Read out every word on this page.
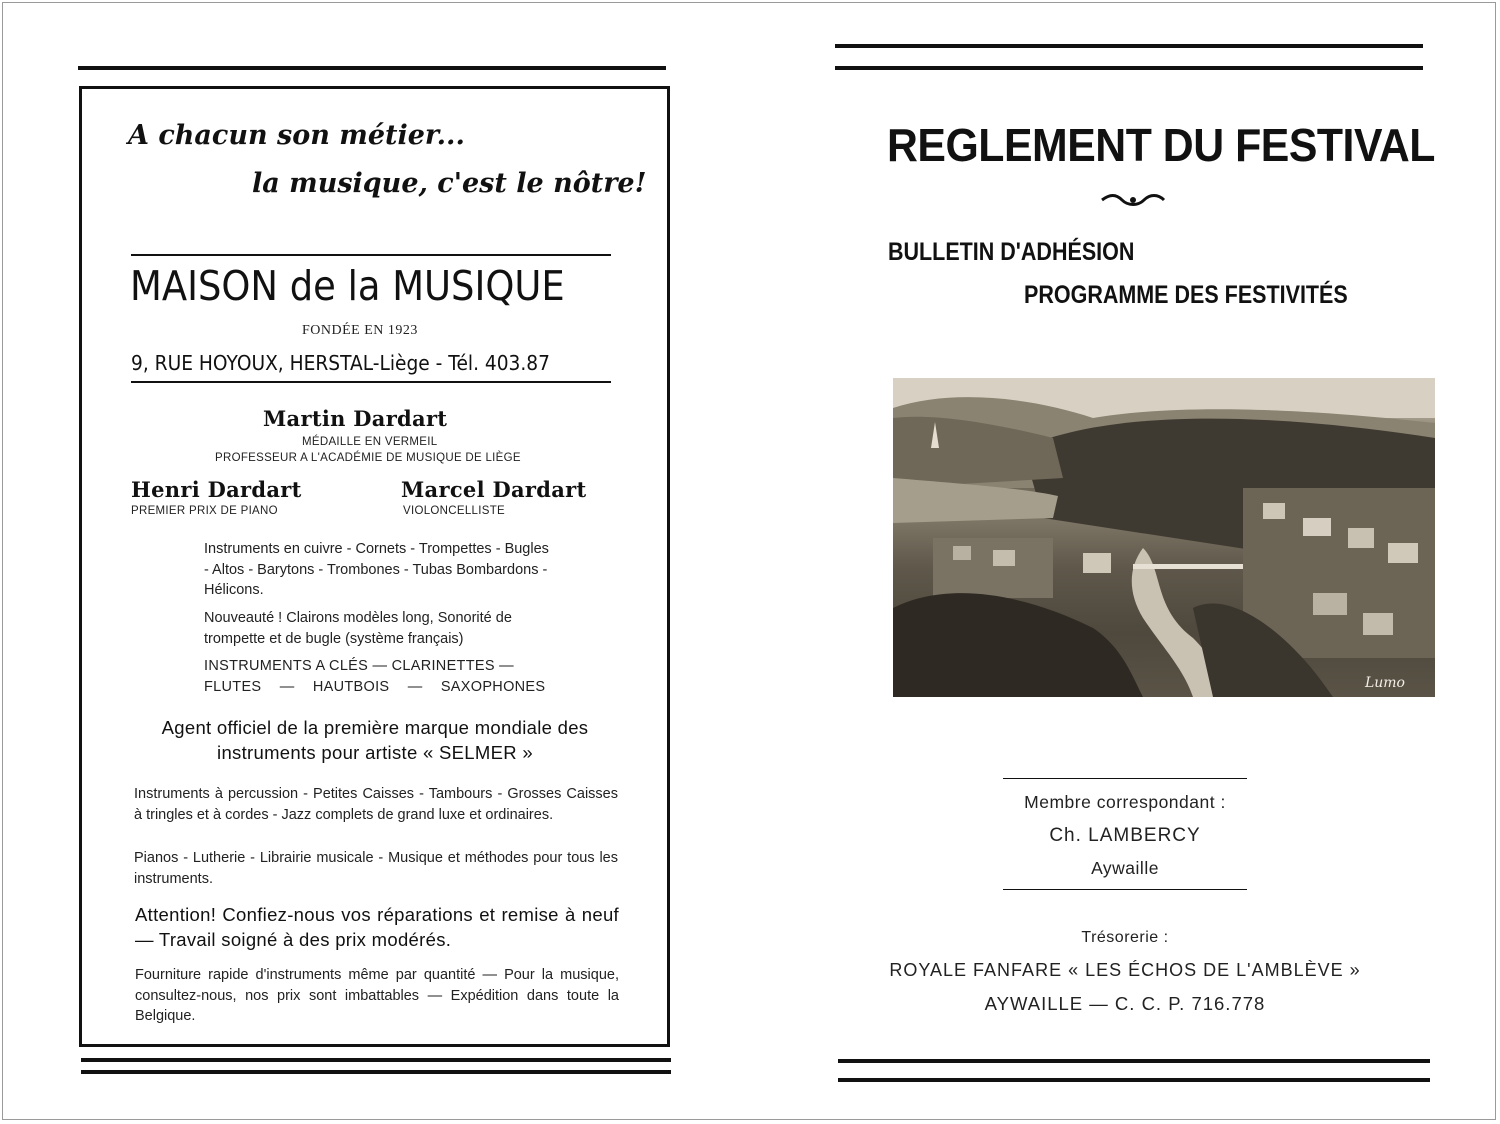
A chacun son métier...
la musique, c'est le nôtre!
MAISON de la MUSIQUE
FONDÉE EN 1923
9, RUE HOYOUX, HERSTAL-Liège - Tél. 403.87
Martin Dardart
MÉDAILLE EN VERMEIL
PROFESSEUR A L'ACADÉMIE DE MUSIQUE DE LIÈGE
Henri Dardart
PREMIER PRIX DE PIANO
Marcel Dardart
VIOLONCELLISTE
Instruments en cuivre - Cornets - Trompettes - Bugles - Altos - Barytons - Trombones - Tubas Bombardons - Hélicons.
Nouveauté ! Clairons modèles long, Sonorité de trompette et de bugle (système français)
INSTRUMENTS A CLÉS — CLARINETTES —
FLUTES — HAUTBOIS — SAXOPHONES
Agent officiel de la première marque mondiale des instruments pour artiste « SELMER »
Instruments à percussion - Petites Caisses - Tambours - Grosses Caisses à tringles et à cordes - Jazz complets de grand luxe et ordinaires.
Pianos - Lutherie - Librairie musicale - Musique et méthodes pour tous les instruments.
Attention! Confiez-nous vos réparations et remise à neuf — Travail soigné à des prix modérés.
Fourniture rapide d'instruments même par quantité — Pour la musique, consultez-nous, nos prix sont imbattables — Expédition dans toute la Belgique.
REGLEMENT DU FESTIVAL
BULLETIN D'ADHÉSION
PROGRAMME DES FESTIVITÉS
Lumo
Membre correspondant :
Ch. LAMBERCY
Aywaille
Trésorerie :
ROYALE FANFARE « LES ÉCHOS DE L'AMBLÈVE »
AYWAILLE — C. C. P. 716.778
